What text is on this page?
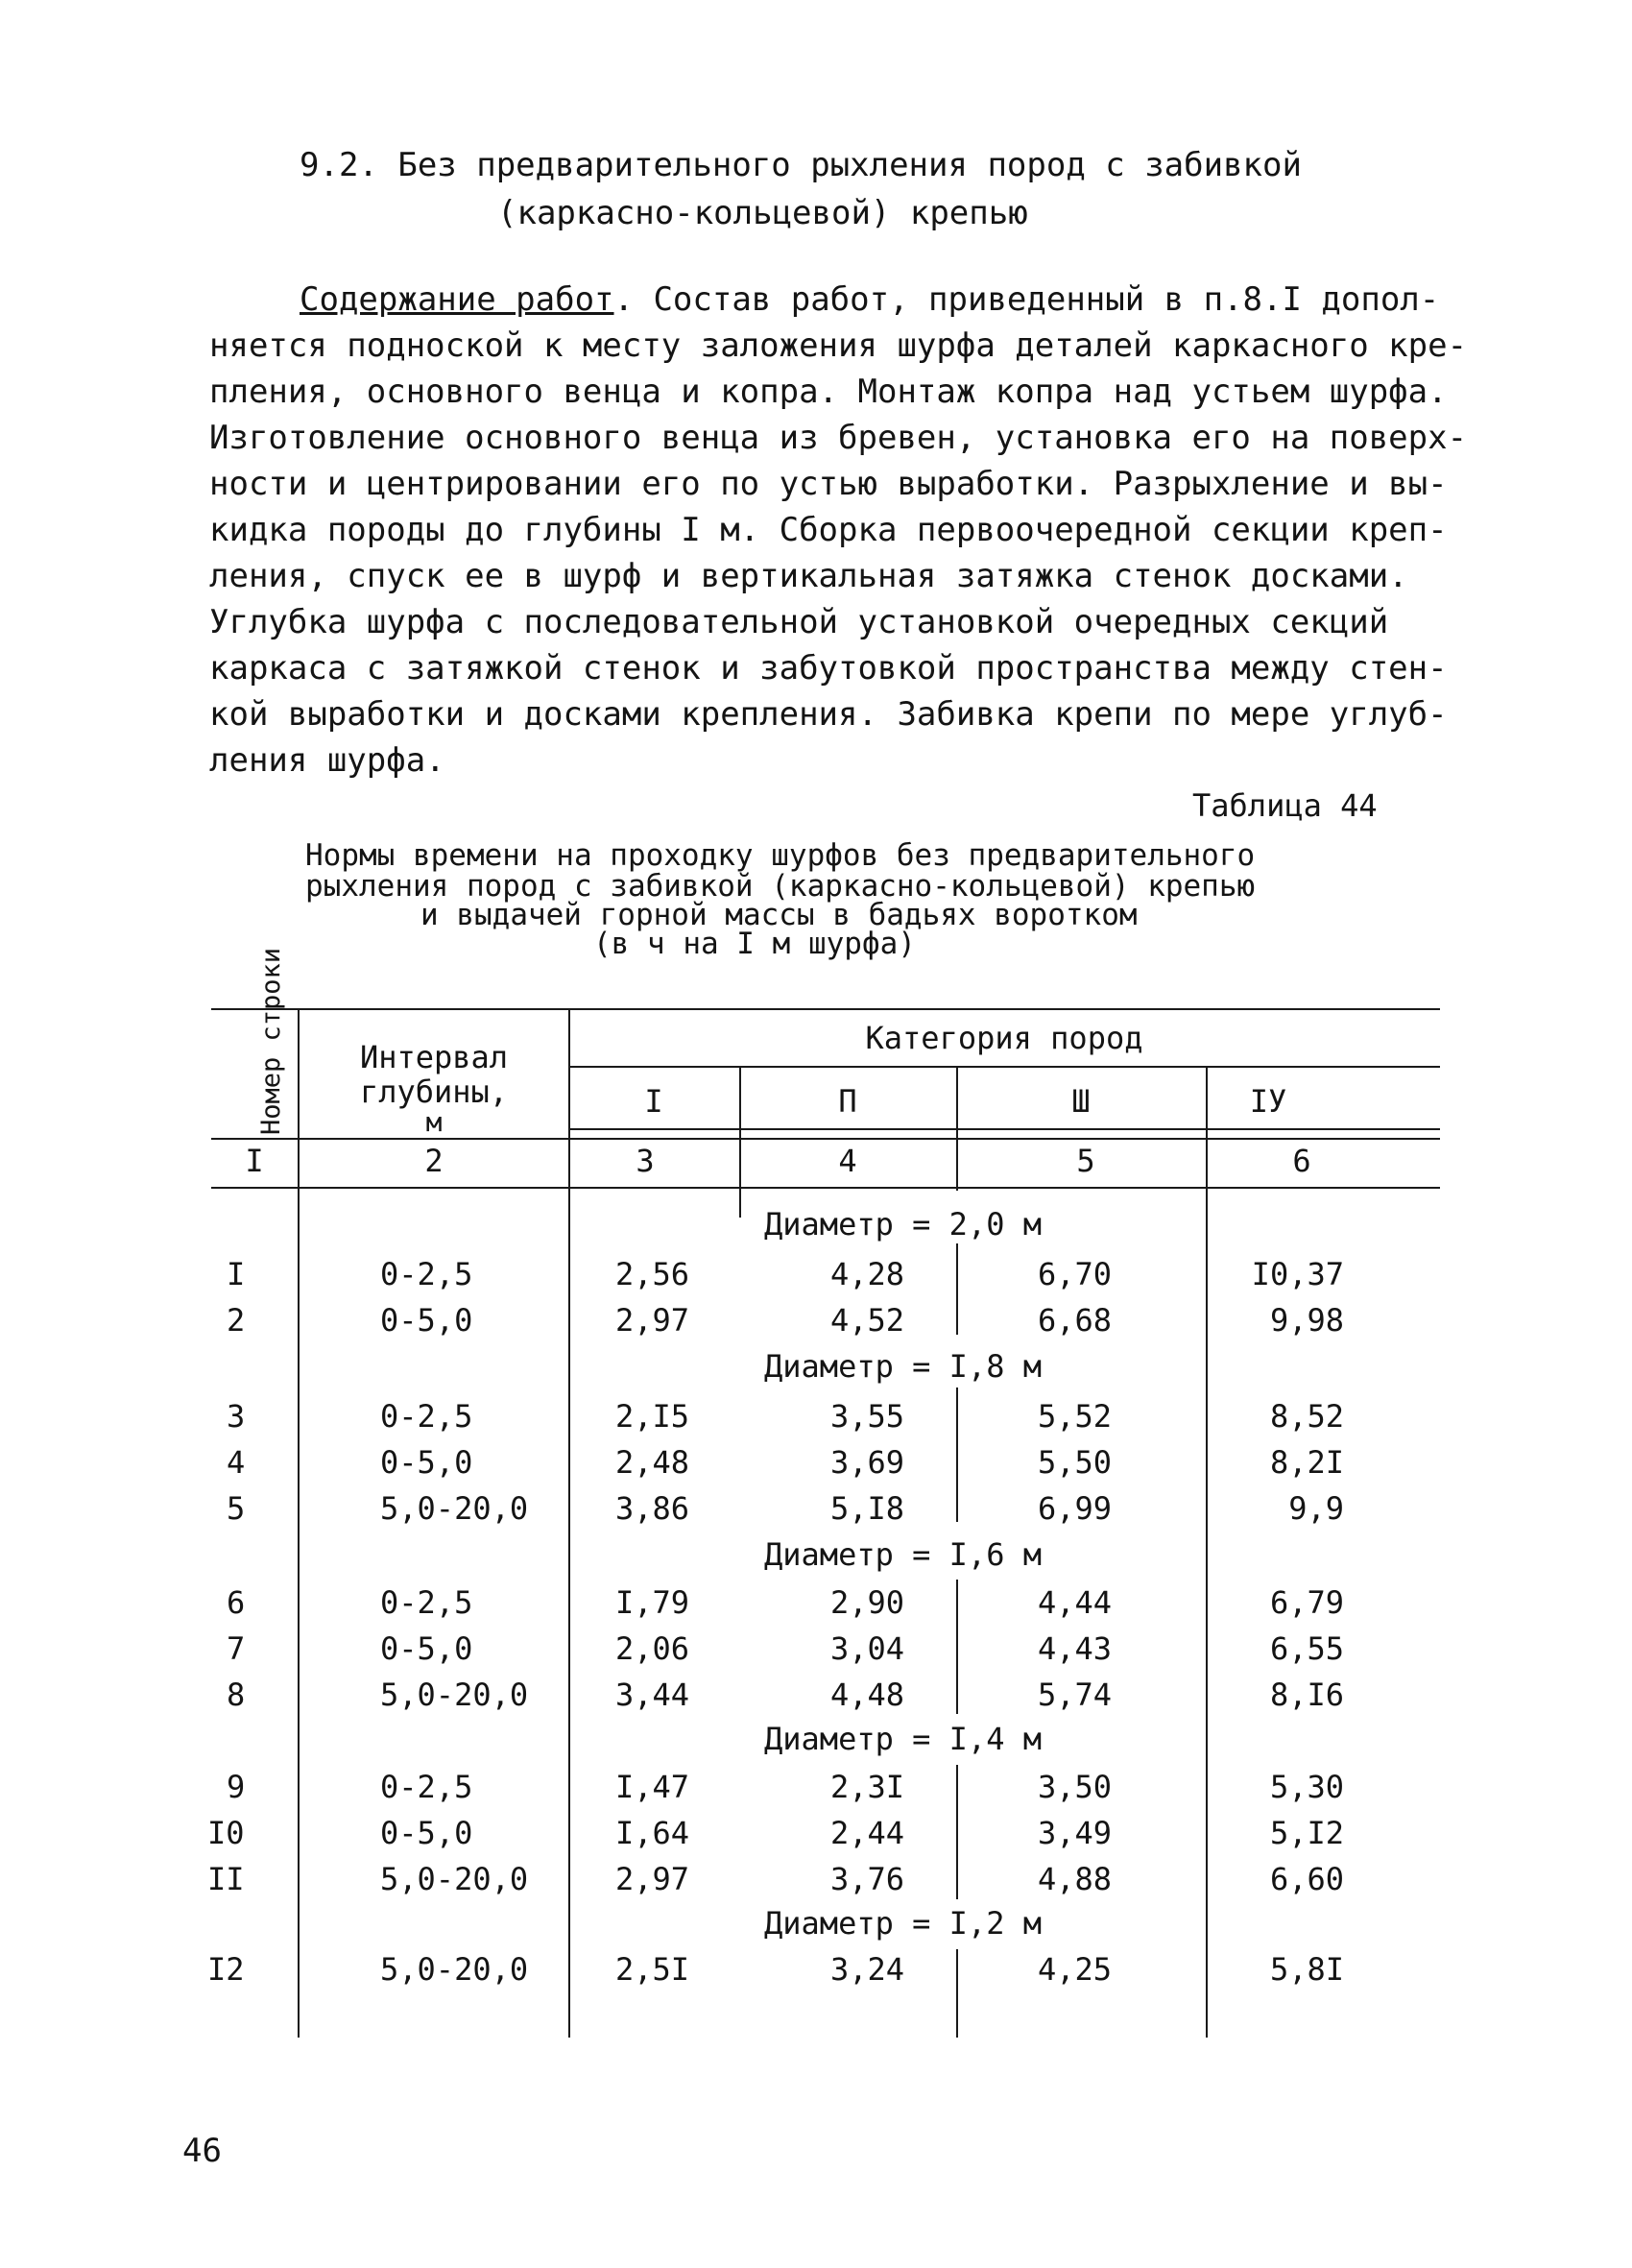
9.2. Без предварительного рыхления пород с забивкой
(каркасно-кольцевой) крепью
Содержание работ. Состав работ, приведенный в п.8.I допол-
няется подноской к месту заложения шурфа деталей каркасного кре-
пления, основного венца и копра. Монтаж копра над устьем шурфа.
Изготовление основного венца из бревен, установка его на поверх-
ности и центрировании его по устью выработки. Разрыхление и вы-
кидка породы до глубины I м. Сборка первоочередной секции креп-
ления, спуск ее в шурф и вертикальная затяжка стенок досками.
Углубка шурфа с последовательной установкой очередных секций
каркаса с затяжкой стенок и забутовкой пространства между стен-
кой выработки и досками крепления. Забивка крепи по мере углуб-
ления шурфа.
Таблица 44
Нормы времени на проходку шурфов без предварительного
рыхления пород с забивкой (каркасно-кольцевой) крепью
и выдачей горной массы в бадьях воротком
(в ч на I м шурфа)
Номер строки	Интервал
глубины,
м
Категория пород
I	П	Ш	IУ
I	2	3	4	5	6
Диаметр = 2,0 м
I	0-2,5	2,56	4,28	6,70	I0,37
2	0-5,0	2,97	4,52	6,68	9,98
Диаметр = I,8 м
3	0-2,5	2,I5	3,55	5,52	8,52
4	0-5,0	2,48	3,69	5,50	8,2I
5	5,0-20,0	3,86	5,I8	6,99	9,9
Диаметр = I,6 м
6	0-2,5	I,79	2,90	4,44	6,79
7	0-5,0	2,06	3,04	4,43	6,55
8	5,0-20,0	3,44	4,48	5,74	8,I6
Диаметр = I,4 м
9	0-2,5	I,47	2,3I	3,50	5,30
I0	0-5,0	I,64	2,44	3,49	5,I2
II	5,0-20,0	2,97	3,76	4,88	6,60
Диаметр = I,2 м
I2	5,0-20,0	2,5I	3,24	4,25	5,8I
46
